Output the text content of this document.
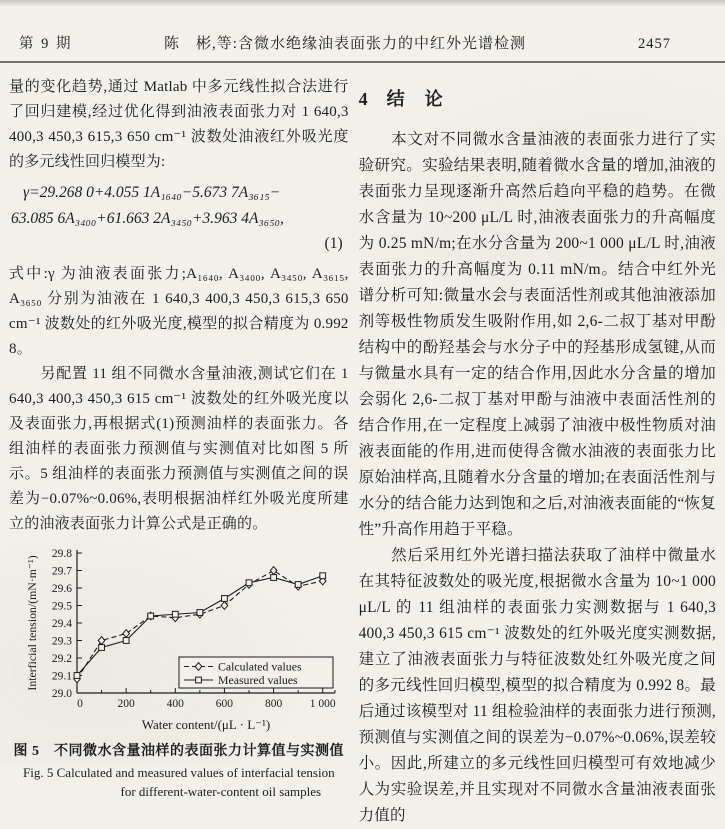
第 9 期	陈　彬,等:含微水绝缘油表面张力的中红外光谱检测	2457

量的变化趋势,通过 Matlab 中多元线性拟合法进行了回归建模,经过优化得到油液表面张力对 1 640,3 400,3 450,3 615,3 650 cm⁻¹ 波数处油液红外吸光度的多元线性回归模型为:

γ=29.268 0+4.055 1A₁₆₄₀−5.673 7A₃₆₁₅−
63.085 6A₃₄₀₀+61.663 2A₃₄₅₀+3.963 4A₃₆₅₀,
(1)

式中:γ 为油液表面张力;A₁₆₄₀, A₃₄₀₀, A₃₄₅₀, A₃₆₁₅, A₃₆₅₀ 分别为油液在 1 640,3 400,3 450,3 615,3 650 cm⁻¹ 波数处的红外吸光度,模型的拟合精度为 0.992 8。

另配置 11 组不同微水含量油液,测试它们在 1 640,3 400,3 450,3 615 cm⁻¹ 波数处的红外吸光度以及表面张力,再根据式(1)预测油样的表面张力。各组油样的表面张力预测值与实测值对比如图 5 所示。5 组油样的表面张力预测值与实测值之间的误差为−0.07%~0.06%,表明根据油样红外吸光度所建立的油液表面张力计算公式是正确的。

29.0
29.1
29.2
29.3
29.4
29.5
29.6
29.7
29.8
0	200	400	600	800 1 000
Calculated values
Measured values
Water content/(μL · L⁻¹)
Interficial tension/(mN·m⁻¹)
图 5　不同微水含量油样的表面张力计算值与实测值
Fig. 5 Calculated and measured values of interfacial tension
for different-water-content oil samples
4 结　论

本文对不同微水含量油液的表面张力进行了实验研究。实验结果表明,随着微水含量的增加,油液的表面张力呈现逐渐升高然后趋向平稳的趋势。在微水含量为 10~200 μL/L 时,油液表面张力的升高幅度为 0.25 mN/m;在水分含量为 200~1 000 μL/L 时,油液表面张力的升高幅度为 0.11 mN/m。结合中红外光谱分析可知:微量水会与表面活性剂或其他油液添加剂等极性物质发生吸附作用,如 2,6-二叔丁基对甲酚结构中的酚羟基会与水分子中的羟基形成氢键,从而与微量水具有一定的结合作用,因此水分含量的增加会弱化 2,6-二叔丁基对甲酚与油液中表面活性剂的结合作用,在一定程度上减弱了油液中极性物质对油液表面能的作用,进而使得含微水油液的表面张力比原始油样高,且随着水分含量的增加;在表面活性剂与水分的结合能力达到饱和之后,对油液表面能的“恢复性”升高作用趋于平稳。

然后采用红外光谱扫描法获取了油样中微量水在其特征波数处的吸光度,根据微水含量为 10~1 000 μL/L 的 11 组油样的表面张力实测数据与 1 640,3 400,3 450,3 615 cm⁻¹ 波数处的红外吸光度实测数据,建立了油液表面张力与特征波数处红外吸光度之间的多元线性回归模型,模型的拟合精度为 0.992 8。最后通过该模型对 11 组检验油样的表面张力进行预测,预测值与实测值之间的误差为−0.07%~0.06%,误差较小。因此,所建立的多元线性回归模型可有效地减少人为实验误差,并且实现对不同微水含量油液表面张力值的
